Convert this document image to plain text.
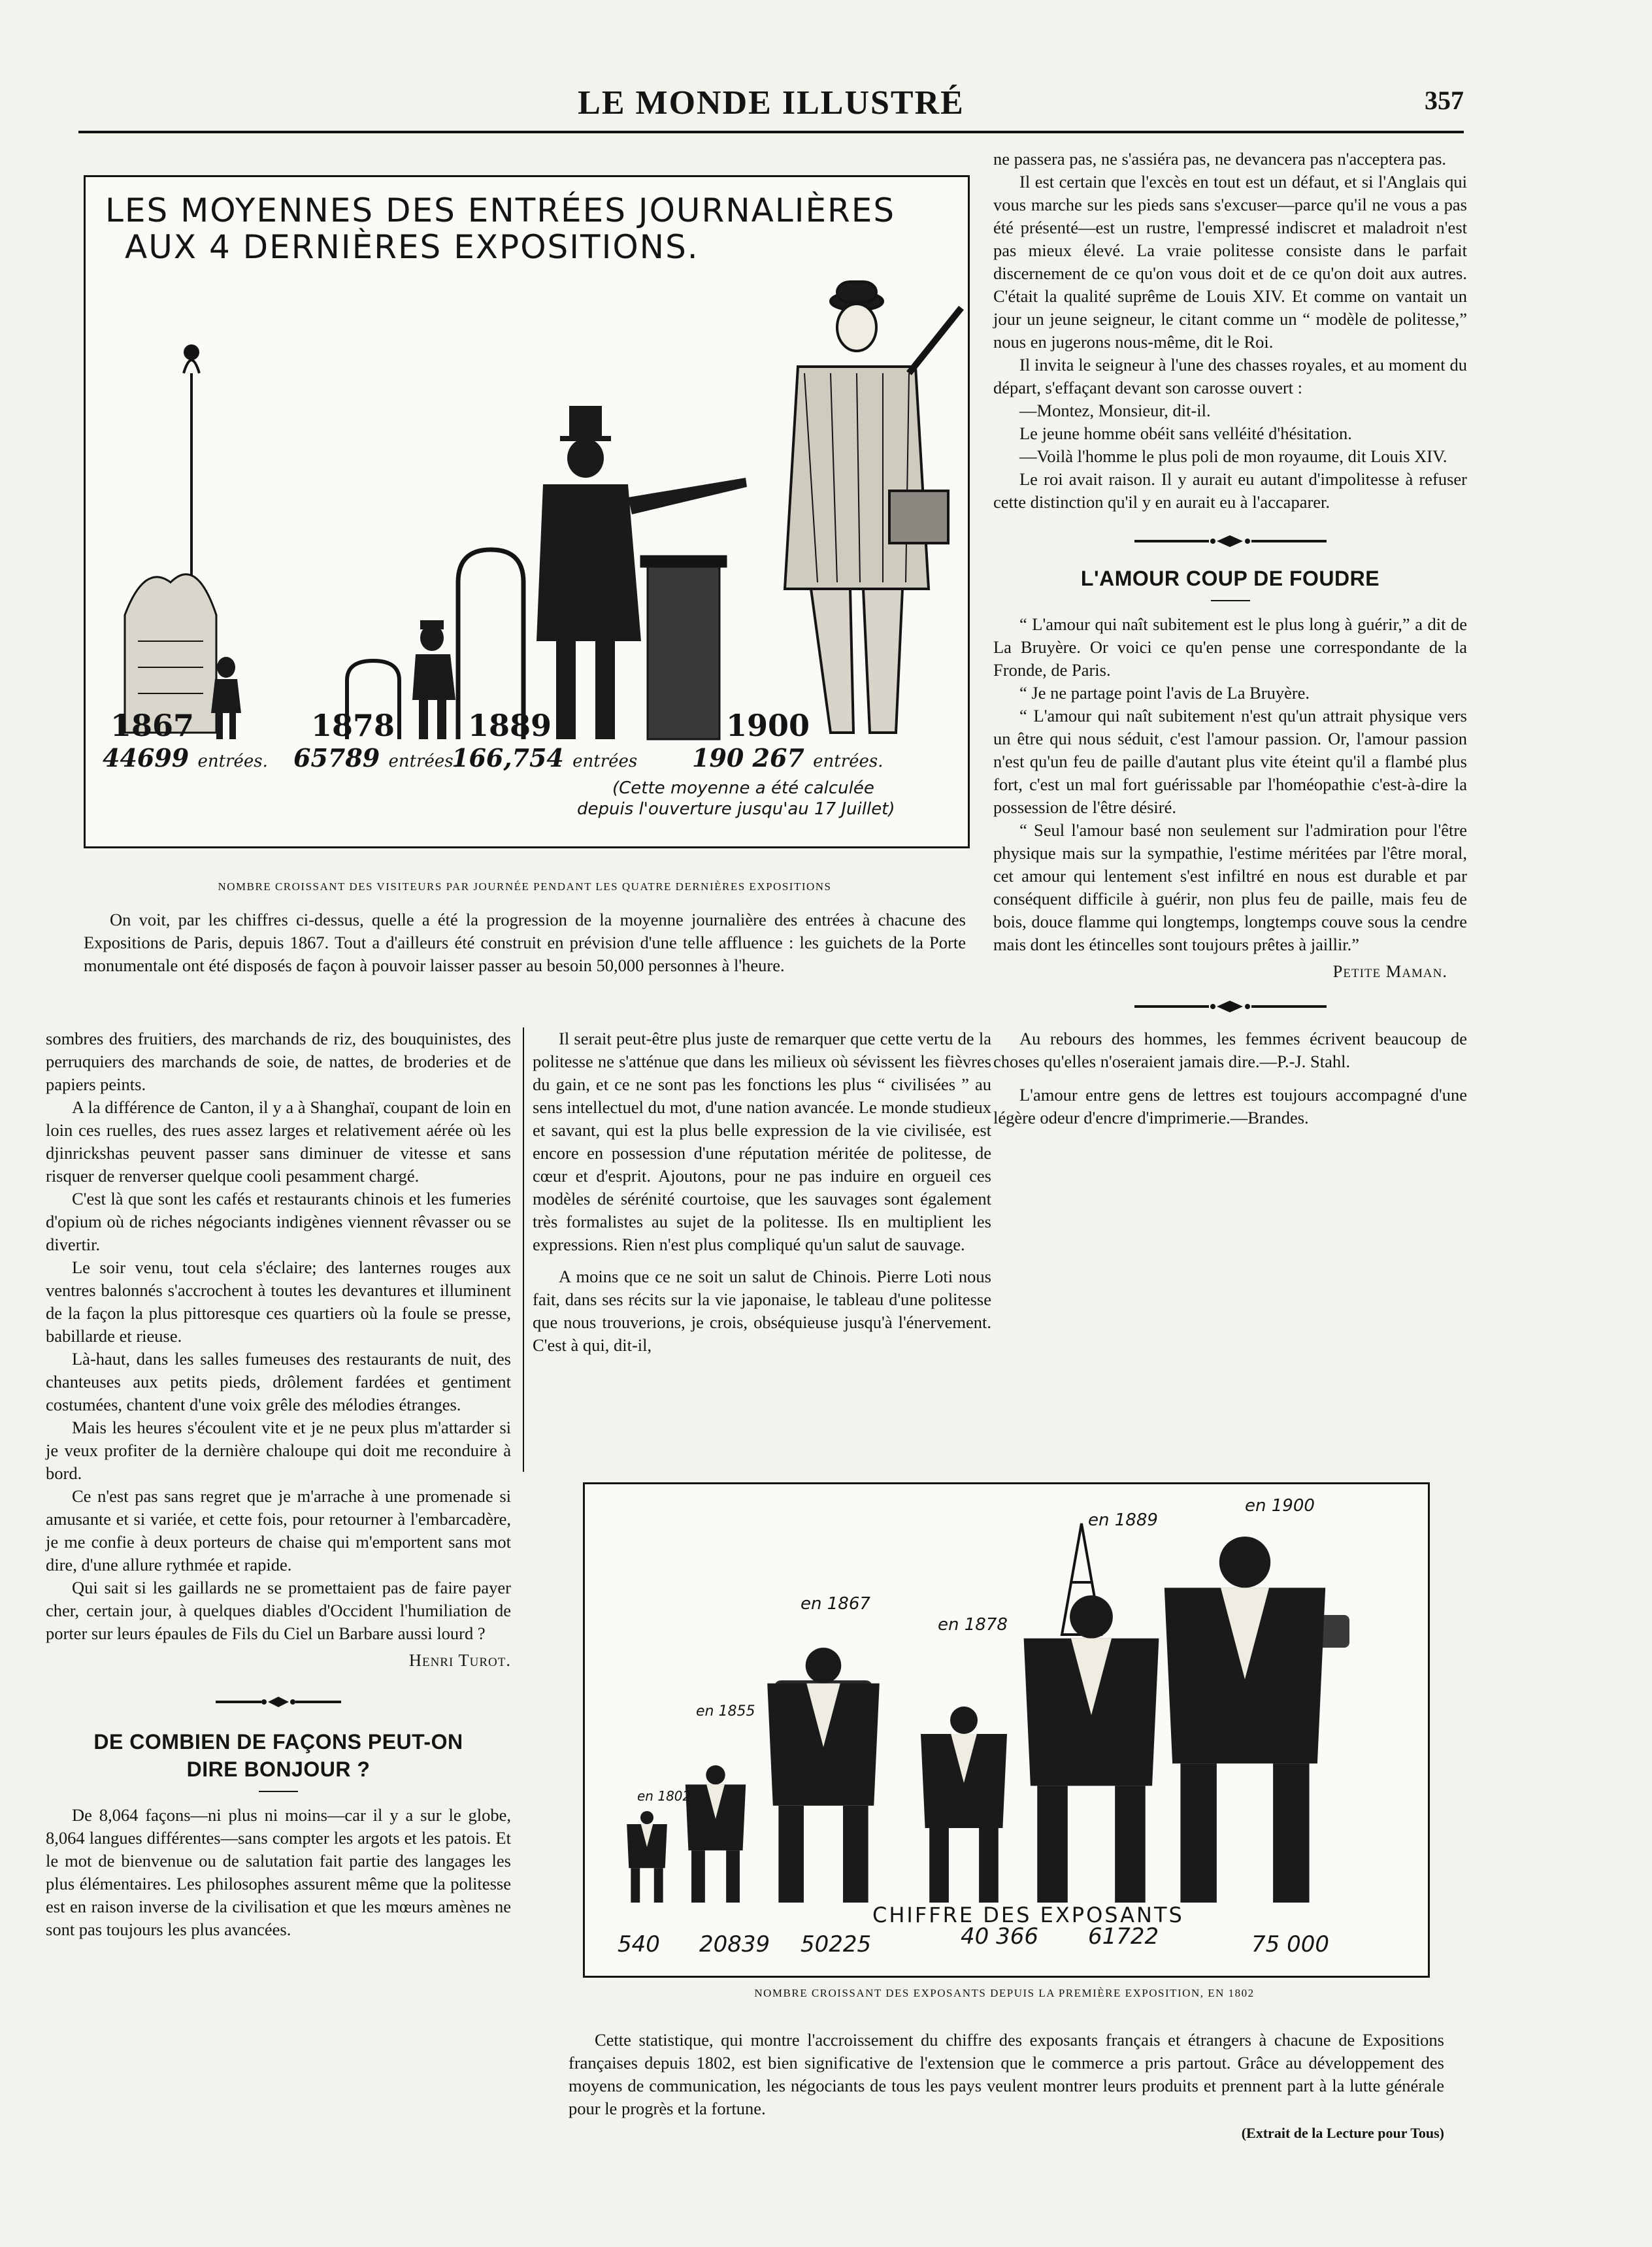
LE MONDE ILLUSTRÉ	357
LES MOYENNES DES ENTRÉES JOURNALIÈRES
AUX 4 DERNIÈRES EXPOSITIONS.
1867	1878 1889	1900
44699 entrées. 65789 entrées.
166,754 entrées 190 267 entrées.
(Cette moyenne a été calculée
depuis l'ouverture jusqu'au 17 Juillet)
NOMBRE CROISSANT DES VISITEURS PAR JOURNÉE PENDANT LES QUATRE DERNIÈRES EXPOSITIONS

On voit, par les chiffres ci-dessus, quelle a été la progression de la moyenne journalière des entrées à chacune des Expositions de Paris, depuis 1867. Tout a d'ailleurs été construit en prévision d'une telle affluence : les guichets de la Porte monumentale ont été disposés de façon à pouvoir laisser passer au besoin 50,000 personnes à l'heure.

sombres des fruitiers, des marchands de riz, des bouquinistes, des perruquiers des marchands de soie, de nattes, de broderies et de papiers peints.

A la différence de Canton, il y a à Shanghaï, coupant de loin en loin ces ruelles, des rues assez larges et relativement aérée où les djinrickshas peuvent passer sans diminuer de vitesse et sans risquer de renverser quelque cooli pesamment chargé.

C'est là que sont les cafés et restaurants chinois et les fumeries d'opium où de riches négociants indigènes viennent rêvasser ou se divertir.

Le soir venu, tout cela s'éclaire; des lanternes rouges aux ventres balonnés s'accrochent à toutes les devantures et illuminent de la façon la plus pittoresque ces quartiers où la foule se presse, babillarde et rieuse.

Là-haut, dans les salles fumeuses des restaurants de nuit, des chanteuses aux petits pieds, drôlement fardées et gentiment costumées, chantent d'une voix grêle des mélodies étranges.

Mais les heures s'écoulent vite et je ne peux plus m'attarder si je veux profiter de la dernière chaloupe qui doit me reconduire à bord.

Ce n'est pas sans regret que je m'arrache à une promenade si amusante et si variée, et cette fois, pour retourner à l'embarcadère, je me confie à deux porteurs de chaise qui m'emportent sans mot dire, d'une allure rythmée et rapide.

Qui sait si les gaillards ne se promettaient pas de faire payer cher, certain jour, à quelques diables d'Occident l'humiliation de porter sur leurs épaules de Fils du Ciel un Barbare aussi lourd ?

Henri Turot.

DE COMBIEN DE FAÇONS PEUT-ON
DIRE BONJOUR ?

De 8,064 façons—ni plus ni moins—car il y a sur le globe, 8,064 langues différentes—sans compter les argots et les patois. Et le mot de bienvenue ou de salutation fait partie des langages les plus élémentaires. Les philosophes assurent même que la politesse est en raison inverse de la civilisation et que les mœurs amènes ne sont pas toujours les plus avancées.

Il serait peut-être plus juste de remarquer que cette vertu de la politesse ne s'atténue que dans les milieux où sévissent les fièvres du gain, et ce ne sont pas les fonctions les plus “ civilisées ” au sens intellectuel du mot, d'une nation avancée. Le monde studieux et savant, qui est la plus belle expression de la vie civilisée, est encore en possession d'une réputation méritée de politesse, de cœur et d'esprit. Ajoutons, pour ne pas induire en orgueil ces modèles de sérénité courtoise, que les sauvages sont également très formalistes au sujet de la politesse. Ils en multiplient les expressions. Rien n'est plus compliqué qu'un salut de sauvage.

A moins que ce ne soit un salut de Chinois. Pierre Loti nous fait, dans ses récits sur la vie japonaise, le tableau d'une politesse que nous trouverions, je crois, obséquieuse jusqu'à l'énervement. C'est à qui, dit-il,

ne passera pas, ne s'assiéra pas, ne devancera pas n'acceptera pas.

Il est certain que l'excès en tout est un défaut, et si l'Anglais qui vous marche sur les pieds sans s'excuser—parce qu'il ne vous a pas été présenté—est un rustre, l'empressé indiscret et maladroit n'est pas mieux élevé. La vraie politesse consiste dans le parfait discernement de ce qu'on vous doit et de ce qu'on doit aux autres. C'était la qualité suprême de Louis XIV. Et comme on vantait un jour un jeune seigneur, le citant comme un “ modèle de politesse,” nous en jugerons nous-même, dit le Roi.

Il invita le seigneur à l'une des chasses royales, et au moment du départ, s'effaçant devant son carosse ouvert :

—Montez, Monsieur, dit-il.

Le jeune homme obéit sans velléité d'hésitation.

—Voilà l'homme le plus poli de mon royaume, dit Louis XIV.

Le roi avait raison. Il y aurait eu autant d'impolitesse à refuser cette distinction qu'il y en aurait eu à l'accaparer.

L'AMOUR COUP DE FOUDRE

“ L'amour qui naît subitement est le plus long à guérir,” a dit de La Bruyère. Or voici ce qu'en pense une correspondante de la Fronde, de Paris.

“ Je ne partage point l'avis de La Bruyère.

“ L'amour qui naît subitement n'est qu'un attrait physique vers un être qui nous séduit, c'est l'amour passion. Or, l'amour passion n'est qu'un feu de paille d'autant plus vite éteint qu'il a flambé plus fort, c'est un mal fort guérissable par l'homéopathie c'est-à-dire la possession de l'être désiré.

“ Seul l'amour basé non seulement sur l'admiration pour l'être physique mais sur la sympathie, l'estime méritées par l'être moral, cet amour qui lentement s'est infiltré en nous est durable et par conséquent difficile à guérir, non plus feu de paille, mais feu de bois, douce flamme qui longtemps, longtemps couve sous la cendre mais dont les étincelles sont toujours prêtes à jaillir.”

Petite Maman.

Au rebours des hommes, les femmes écrivent beaucoup de choses qu'elles n'oseraient jamais dire.—P.-J. Stahl.

L'amour entre gens de lettres est toujours accompagné d'une légère odeur d'encre d'imprimerie.—Brandes.

en 1802
en 1855
en 1867
en 1878
en 1889
en 1900
CHIFFRE DES EXPOSANTS
540 20839 50225	40 366 61722	75 000
NOMBRE CROISSANT DES EXPOSANTS DEPUIS LA PREMIÈRE EXPOSITION, EN 1802

Cette statistique, qui montre l'accroissement du chiffre des exposants français et étrangers à chacune de Expositions françaises depuis 1802, est bien significative de l'extension que le commerce a pris partout. Grâce au développement des moyens de communication, les négociants de tous les pays veulent montrer leurs produits et prennent part à la lutte générale pour le progrès et la fortune.

(Extrait de la Lecture pour Tous)
